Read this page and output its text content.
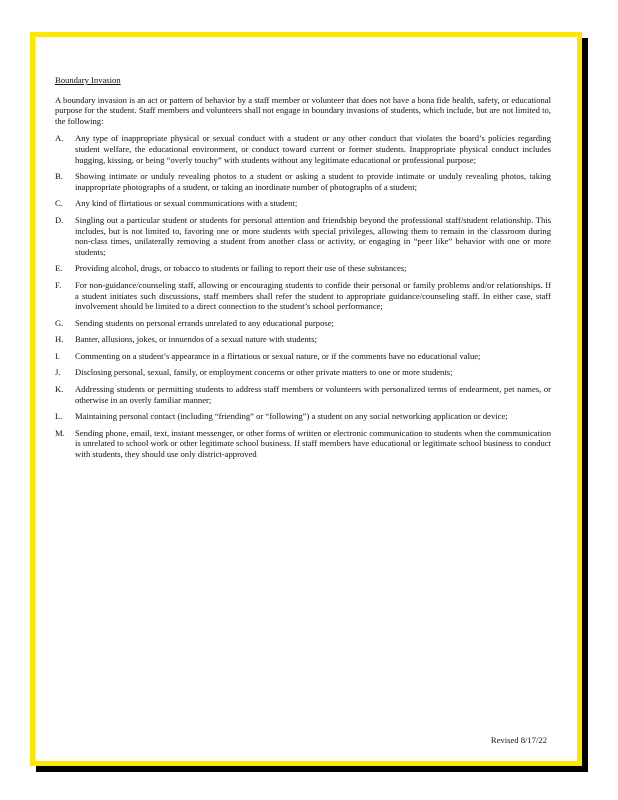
Boundary Invasion

A boundary invasion is an act or pattern of behavior by a staff member or volunteer that does not have a bona fide health, safety, or educational purpose for the student. Staff members and volunteers shall not engage in boundary invasions of students, which include, but are not limited to, the following:

A. Any type of inappropriate physical or sexual conduct with a student or any other conduct that violates the board’s policies regarding student welfare, the educational environment, or conduct toward current or former students. Inappropriate physical conduct includes hugging, kissing, or being “overly touchy” with students without any legitimate educational or professional purpose;
B. Showing intimate or unduly revealing photos to a student or asking a student to provide intimate or unduly revealing photos, taking inappropriate photographs of a student, or taking an inordinate number of photographs of a student;
C. Any kind of flirtatious or sexual communications with a student;
D. Singling out a particular student or students for personal attention and friendship beyond the professional staff/student relationship. This includes, but is not limited to, favoring one or more students with special privileges, allowing them to remain in the classroom during non-class times, unilaterally removing a student from another class or activity, or engaging in “peer like” behavior with one or more students;
E. Providing alcohol, drugs, or tobacco to students or failing to report their use of these substances;
F. For non-guidance/counseling staff, allowing or encouraging students to confide their personal or family problems and/or relationships. If a student initiates such discussions, staff members shall refer the student to appropriate guidance/counseling staff. In either case, staff involvement should be limited to a direct connection to the student’s school performance;
G. Sending students on personal errands unrelated to any educational purpose;
H. Banter, allusions, jokes, or innuendos of a sexual nature with students;
I. Commenting on a student’s appearance in a flirtatious or sexual nature, or if the comments have no educational value;
J. Disclosing personal, sexual, family, or employment concerns or other private matters to one or more students;
K. Addressing students or permitting students to address staff members or volunteers with personalized terms of endearment, pet names, or otherwise in an overly familiar manner;
L. Maintaining personal contact (including “friending” or “following”) a student on any social networking application or device;
M. Sending phone, email, text, instant messenger, or other forms of written or electronic communication to students when the communication is unrelated to school work or other legitimate school business. If staff members have educational or legitimate school business to conduct with students, they should use only district-approved
Revised 8/17/22
